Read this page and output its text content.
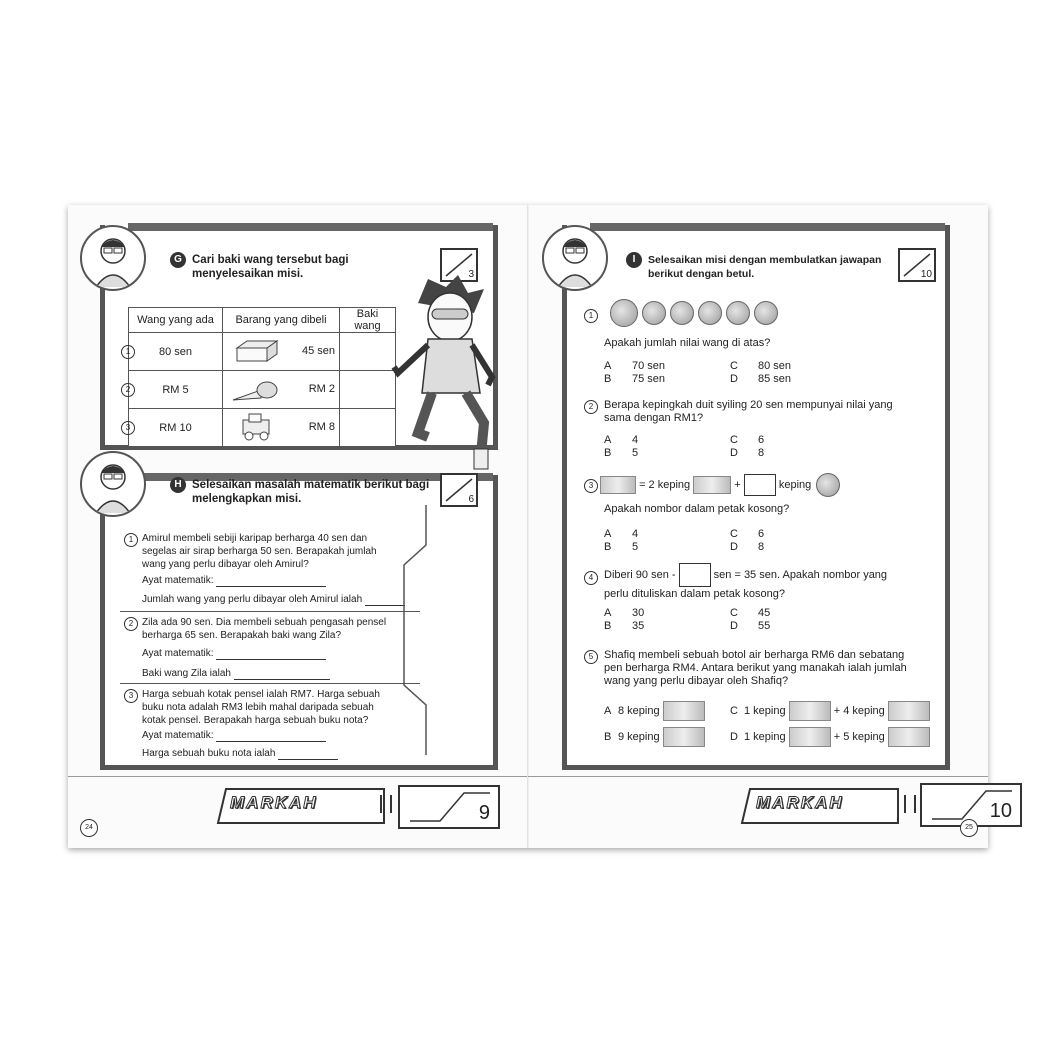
G Cari baki wang tersebut bagi menyelesaikan misi.	3
Wang yang ada	Barang yang dibeli	Baki wang

1 80 sen	45 sen	

2 RM 5	RM 2	

3 RM 10	RM 8	

H Selesaikan masalah matematik berikut bagi melengkapkan misi.	6
1 Amirul membeli sebiji karipap berharga 40 sen dan segelas air sirap berharga 50 sen. Berapakah jumlah wang yang perlu dibayar oleh Amirul?
Ayat matematik:
Jumlah wang yang perlu dibayar oleh Amirul ialah
2 Zila ada 90 sen. Dia membeli sebuah pengasah pensel berharga 65 sen. Berapakah baki wang Zila?
Ayat matematik:
Baki wang Zila ialah
3 Harga sebuah kotak pensel ialah RM7. Harga sebuah buku nota adalah RM3 lebih mahal daripada sebuah kotak pensel. Berapakah harga sebuah buku nota?
Ayat matematik:
Harga sebuah buku nota ialah
MARKAH	9
24
I	Selesaikan misi dengan membulatkan jawapan berikut dengan betul.	10
1
Apakah jumlah nilai wang di atas?
A 70 sen
B 75 sen
C 80 sen
D 85 sen
2 Berapa kepingkah duit syiling 20 sen mempunyai nilai yang sama dengan RM1?
A 4
B 5
C 6
D 8
3	= 2 keping	+	keping
Apakah nombor dalam petak kosong?
A 4
B 5
C 6
D 8
4 Diberi 90 sen -	sen = 35 sen. Apakah nombor yang perlu dituliskan dalam petak kosong?
A 30
B 35
C 45
D 55
5 Shafiq membeli sebuah botol air berharga RM6 dan sebatang pen berharga RM4. Antara berikut yang manakah ialah jumlah wang yang perlu dibayar oleh Shafiq?
A 8 keping
B 9 keping
C 1 keping	+ 4 keping
D 1 keping	+ 5 keping
MARKAH	10
25
